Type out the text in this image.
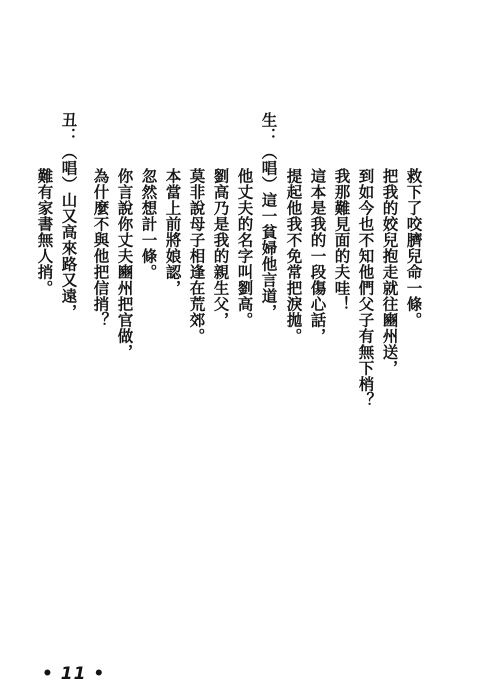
救下了咬臍兒命一條。
把我的姣兒抱走就往豳州送，
到如今也不知他們父子有無下梢？
我那難見面的夫哇！
這本是我的一段傷心話，
提起他我不免常把淚拋。
生：
（唱）這一貧婦他言道，
他丈夫的名字叫劉高。
劉高乃是我的親生父，
莫非說母子相逢在荒郊。
本當上前將娘認，
忽然想計一條。
你言說你丈夫豳州把官做，
為什麼不與他把信捎？
丑：
（唱）山又高來路又遠，
難有家書無人捎。
• 11 •
